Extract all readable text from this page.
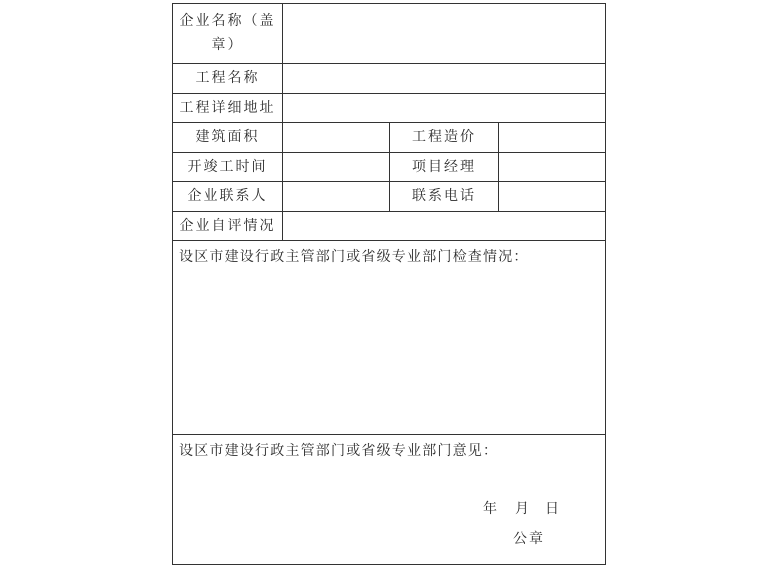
企业名称（盖
章）
工程名称
工程详细地址
建筑面积	工程造价
开竣工时间	项目经理
企业联系人	联系电话
企业自评情况
设区市建设行政主管部门或省级专业部门检查情况：
设区市建设行政主管部门或省级专业部门意见：
年 月 日
公章
